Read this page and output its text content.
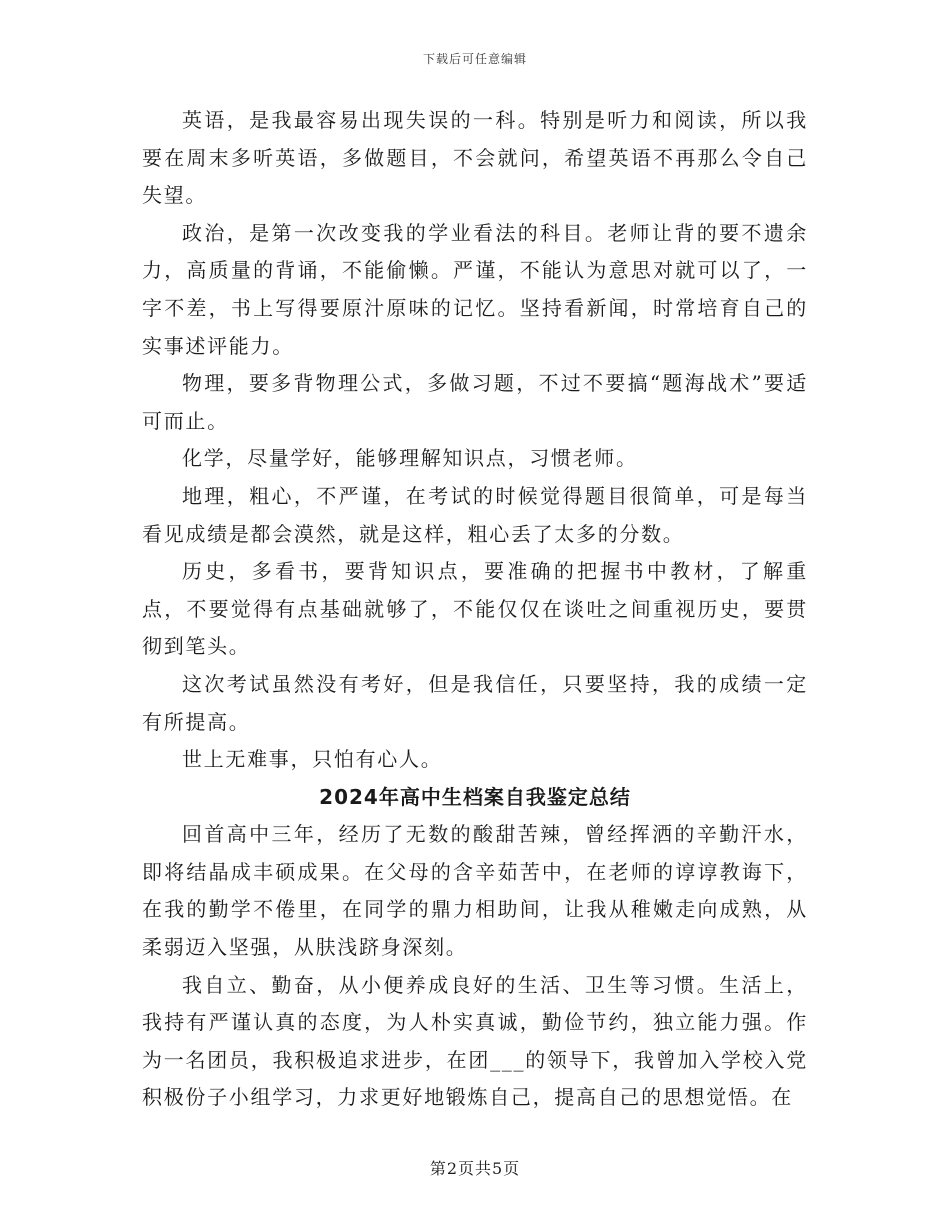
下载后可任意编辑

英语，是我最容易出现失误的一科。特别是听力和阅读，所以我要在周末多听英语，多做题目，不会就问，希望英语不再那么令自己失望。

政治，是第一次改变我的学业看法的科目。老师让背的要不遗余力，高质量的背诵，不能偷懒。严谨，不能认为意思对就可以了，一字不差，书上写得要原汁原味的记忆。坚持看新闻，时常培育自己的实事述评能力。

物理，要多背物理公式，多做习题，不过不要搞“题海战术”要适可而止。

化学，尽量学好，能够理解知识点，习惯老师。

地理，粗心，不严谨，在考试的时候觉得题目很简单，可是每当看见成绩是都会漠然，就是这样，粗心丢了太多的分数。

历史，多看书，要背知识点，要准确的把握书中教材，了解重点，不要觉得有点基础就够了，不能仅仅在谈吐之间重视历史，要贯彻到笔头。

这次考试虽然没有考好，但是我信任，只要坚持，我的成绩一定有所提高。

世上无难事，只怕有心人。

2024年高中生档案自我鉴定总结

回首高中三年，经历了无数的酸甜苦辣，曾经挥洒的辛勤汗水，即将结晶成丰硕成果。在父母的含辛茹苦中，在老师的谆谆教诲下，在我的勤学不倦里，在同学的鼎力相助间，让我从稚嫩走向成熟，从柔弱迈入坚强，从肤浅跻身深刻。

我自立、勤奋，从小便养成良好的生活、卫生等习惯。生活上，我持有严谨认真的态度，为人朴实真诚，勤俭节约，独立能力强。作为一名团员，我积极追求进步，在团___的领导下，我曾加入学校入党积极份子小组学习，力求更好地锻炼自己，提高自己的思想觉悟。在

第2页共5页
